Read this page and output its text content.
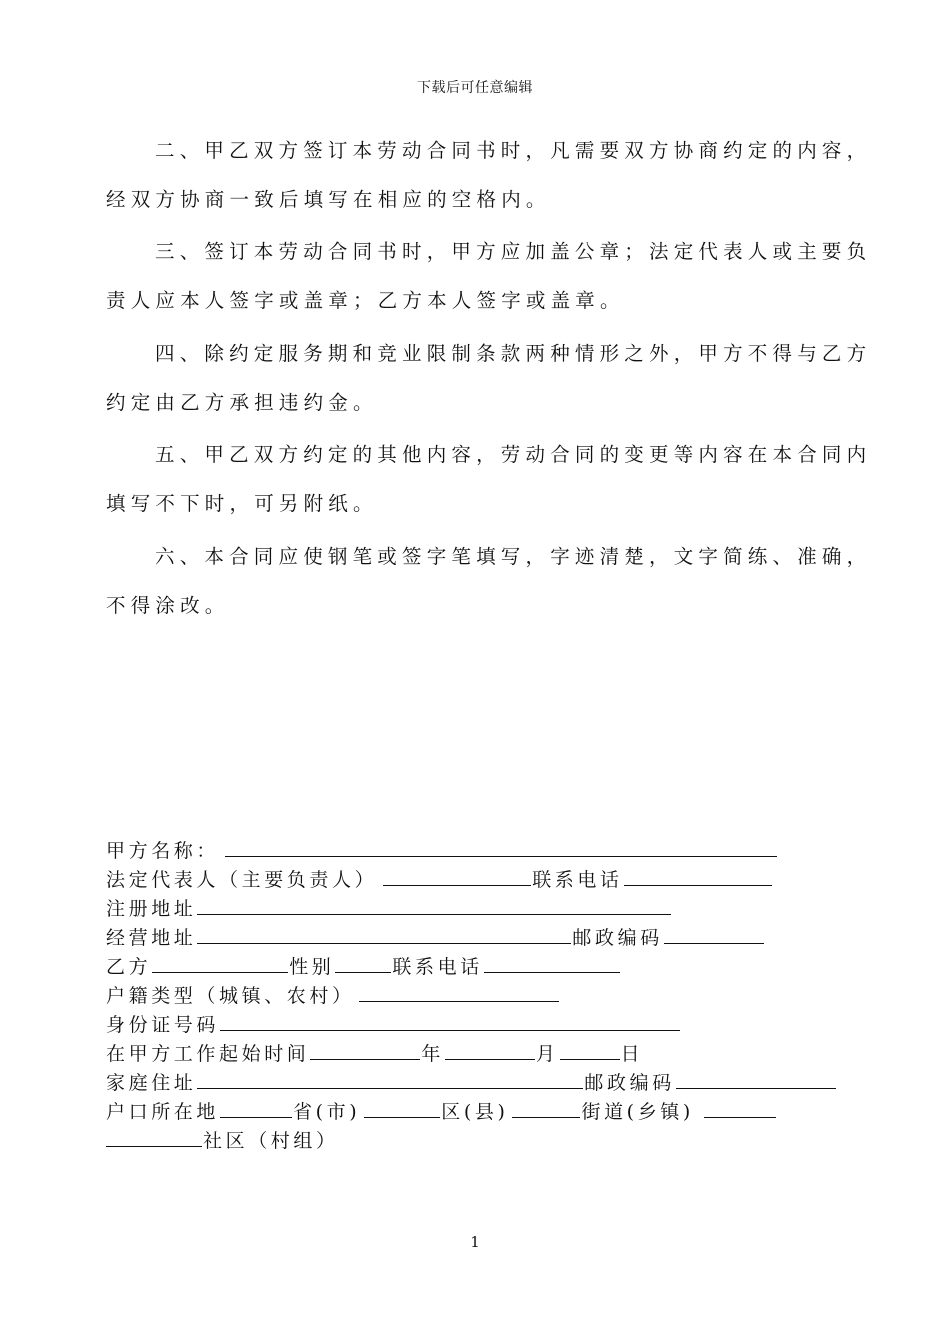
下载后可任意编辑
二、甲乙双方签订本劳动合同书时，凡需要双方协商约定的内容，
经双方协商一致后填写在相应的空格内。
三、签订本劳动合同书时，甲方应加盖公章；法定代表人或主要负
责人应本人签字或盖章；乙方本人签字或盖章。
四、除约定服务期和竞业限制条款两种情形之外，甲方不得与乙方
约定由乙方承担违约金。
五、甲乙双方约定的其他内容，劳动合同的变更等内容在本合同内
填写不下时，可另附纸。
六、本合同应使钢笔或签字笔填写，字迹清楚，文字简练、准确，
不得涂改。
甲方名称：
法定代表人（主要负责人）	联系电话
注册地址
经营地址	邮政编码
乙方	性别	联系电话
户籍类型（城镇、农村）
身份证号码
在甲方工作起始时间	年	月	日
家庭住址	邮政编码
户口所在地	省(市)	区(县)	街道(乡镇)
社区（村组）
1
